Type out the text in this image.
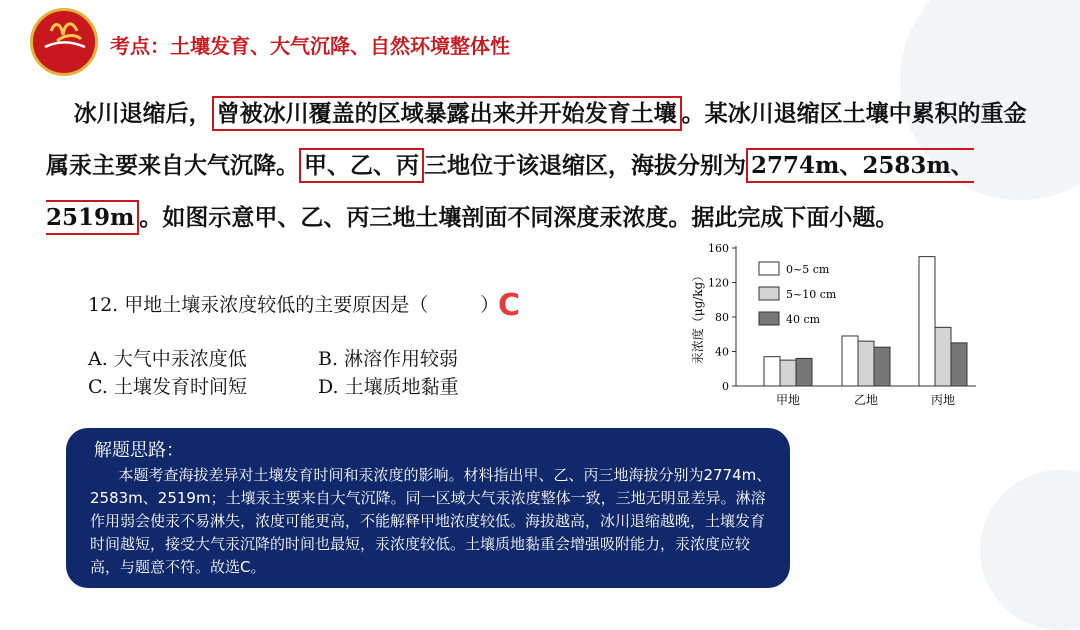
考点：土壤发育、大气沉降、自然环境整体性
冰川退缩后， 曾被冰川覆盖的区域暴露出来并开始发育土壤 。某冰川退缩区土壤中累积的重金属汞主要来自大气沉降。 甲、乙、丙 三地位于该退缩区，海拔分别为 2774m、2583m、2519m 。如图示意甲、乙、丙三地土壤剖面不同深度汞浓度。据此完成下面小题。
12. 甲地土壤汞浓度较低的主要原因是（	）
C
A. 大气中汞浓度低	B. 淋溶作用较弱
C. 土壤发育时间短	D. 土壤质地黏重	0
40
80
120
160
汞浓度（μg/kg）
甲地	乙地	丙地
0~5 cm
5~10 cm
40 cm
解题思路：
本题考查海拔差异对土壤发育时间和汞浓度的影响。材料指出甲、乙、丙三地海拔分别为2774m、2583m、2519m；土壤汞主要来自大气沉降。同一区域大气汞浓度整体一致，三地无明显差异。淋溶作用弱会使汞不易淋失，浓度可能更高，不能解释甲地浓度较低。海拔越高，冰川退缩越晚，土壤发育时间越短，接受大气汞沉降的时间也最短，汞浓度较低。土壤质地黏重会增强吸附能力，汞浓度应较高，与题意不符。故选C。
